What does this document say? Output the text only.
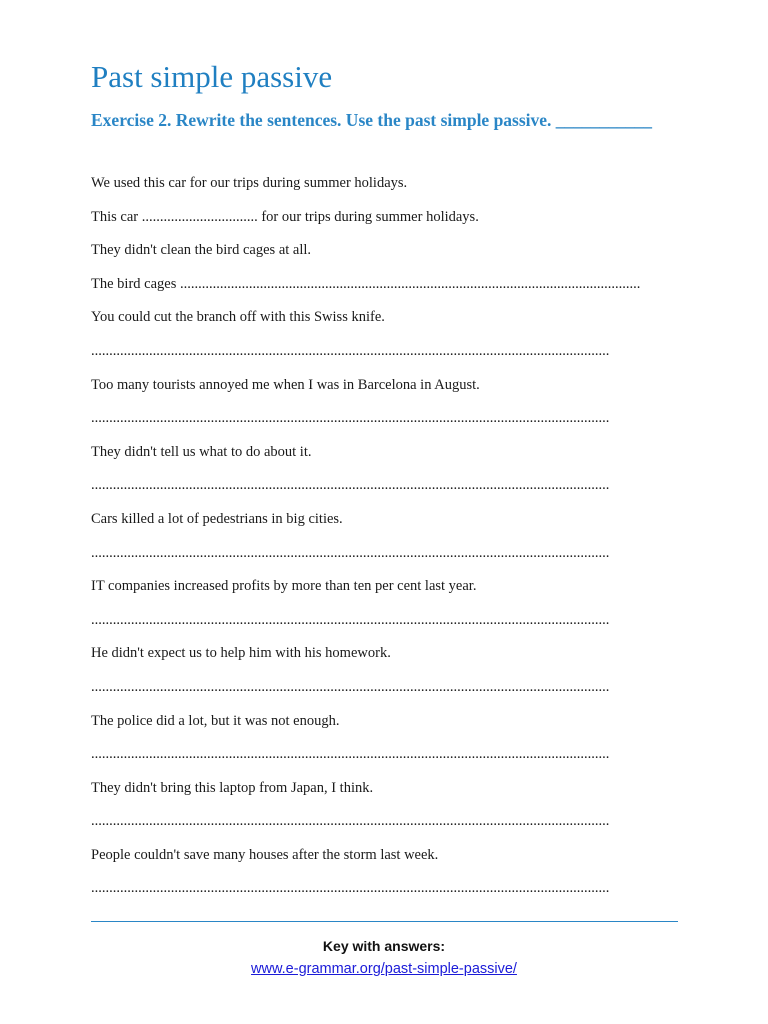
Past simple passive
Exercise 2. Rewrite the sentences. Use the past simple passive. ___________
We used this car for our trips during summer holidays.
This car ................................ for our trips during summer holidays.
They didn't clean the bird cages at all.
The bird cages ...............................................................................................................................
You could cut the branch off with this Swiss knife.
...............................................................................................................................................
Too many tourists annoyed me when I was in Barcelona in August.
...............................................................................................................................................
They didn't tell us what to do about it.
...............................................................................................................................................
Cars killed a lot of pedestrians in big cities.
...............................................................................................................................................
IT companies increased profits by more than ten per cent last year.
...............................................................................................................................................
He didn't expect us to help him with his homework.
...............................................................................................................................................
The police did a lot, but it was not enough.
...............................................................................................................................................
They didn't bring this laptop from Japan, I think.
...............................................................................................................................................
People couldn't save many houses after the storm last week.
...............................................................................................................................................
Key with answers:
www.e-grammar.org/past-simple-passive/
